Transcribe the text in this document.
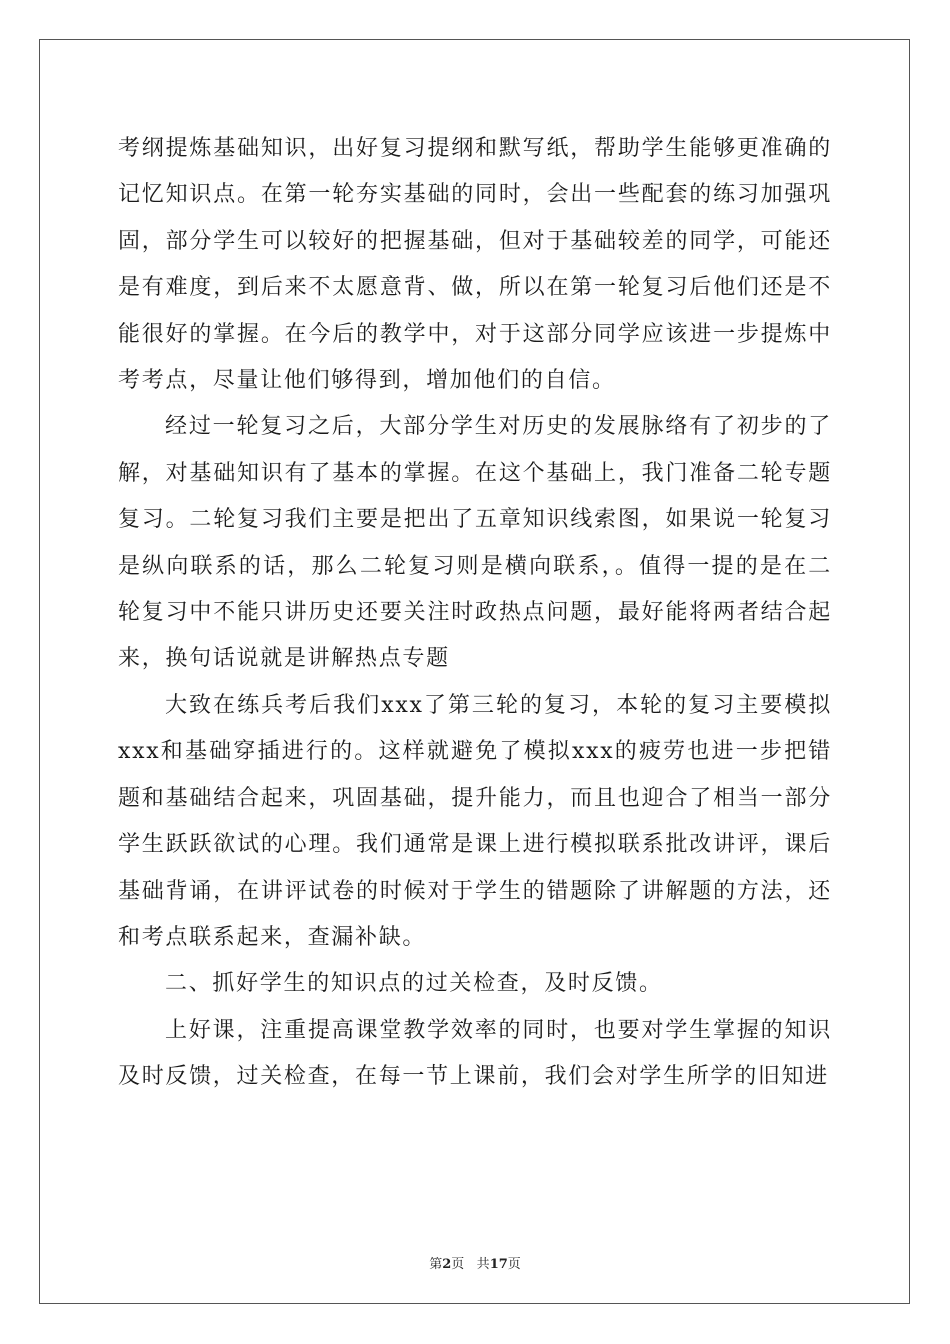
考纲提炼基础知识，出好复习提纲和默写纸，帮助学生能够更准确的记忆知识点。在第一轮夯实基础的同时，会出一些配套的练习加强巩固，部分学生可以较好的把握基础，但对于基础较差的同学，可能还是有难度，到后来不太愿意背、做，所以在第一轮复习后他们还是不能很好的掌握。在今后的教学中，对于这部分同学应该进一步提炼中考考点，尽量让他们够得到，增加他们的自信。

经过一轮复习之后，大部分学生对历史的发展脉络有了初步的了解，对基础知识有了基本的掌握。在这个基础上，我门准备二轮专题复习。二轮复习我们主要是把出了五章知识线索图，如果说一轮复习是纵向联系的话，那么二轮复习则是横向联系，。值得一提的是在二轮复习中不能只讲历史还要关注时政热点问题，最好能将两者结合起来，换句话说就是讲解热点专题

大致在练兵考后我们xxx了第三轮的复习，本轮的复习主要模拟xxx和基础穿插进行的。这样就避免了模拟xxx的疲劳也进一步把错题和基础结合起来，巩固基础，提升能力，而且也迎合了相当一部分学生跃跃欲试的心理。我们通常是课上进行模拟联系批改讲评，课后基础背诵，在讲评试卷的时候对于学生的错题除了讲解题的方法，还和考点联系起来，查漏补缺。

二、抓好学生的知识点的过关检查，及时反馈。

上好课，注重提高课堂教学效率的同时，也要对学生掌握的知识及时反馈，过关检查，在每一节上课前，我们会对学生所学的旧知进

第2页 共17页
